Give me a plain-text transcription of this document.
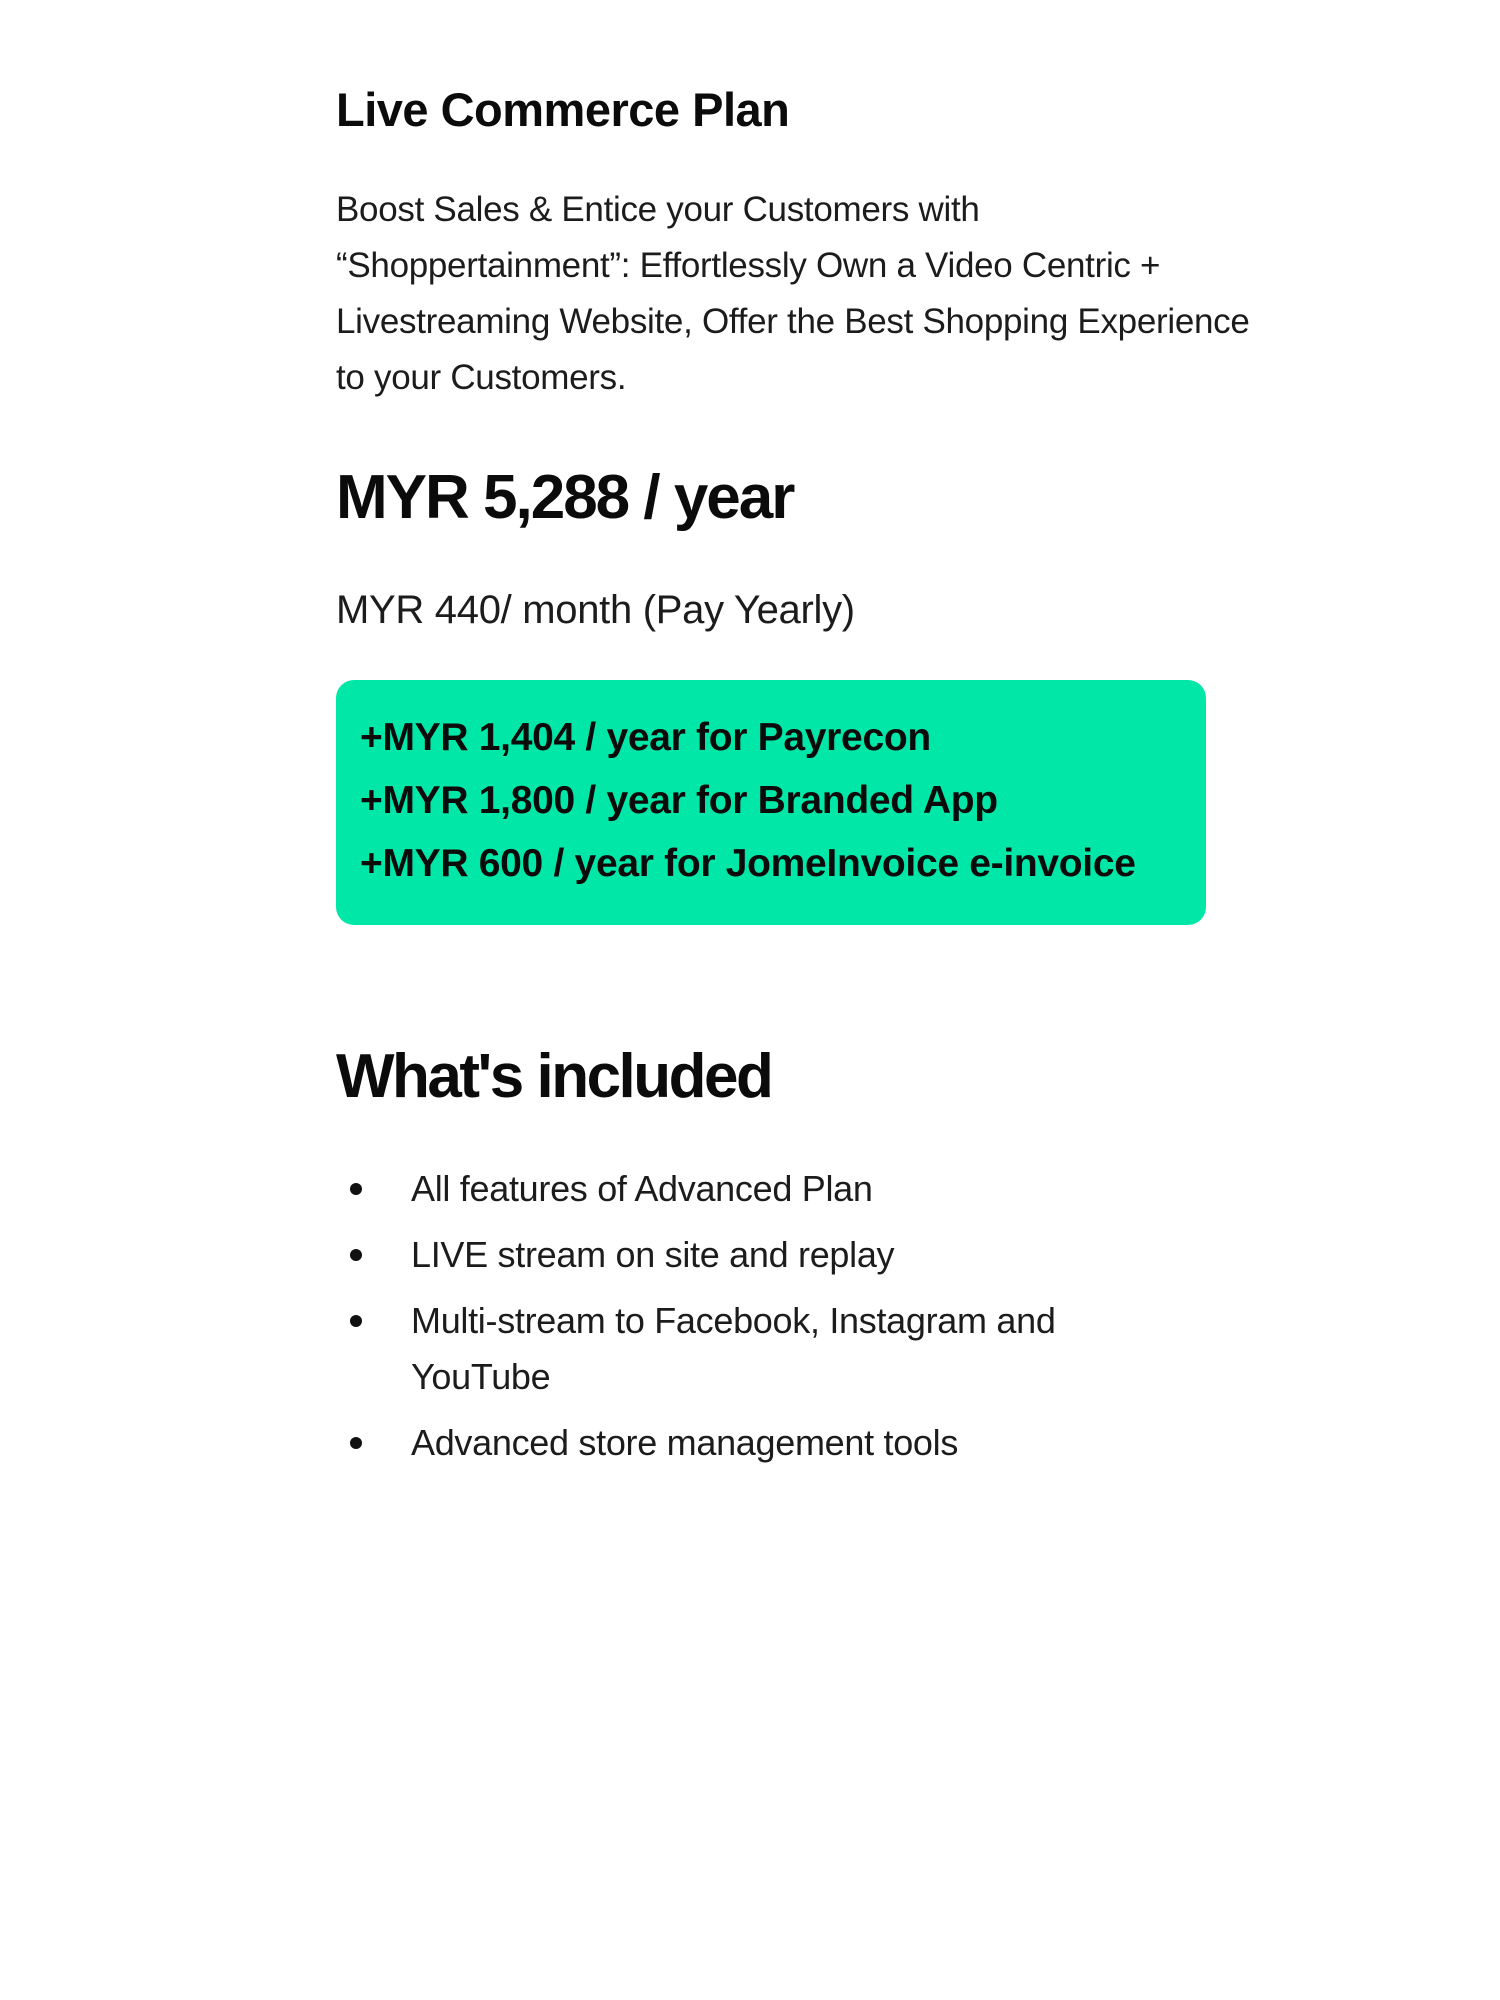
Live Commerce Plan

Boost Sales & Entice your Customers with “Shoppertainment”: Effortlessly Own a Video Centric + Livestreaming Website, Offer the Best Shopping Experience to your Customers.

MYR 5,288 / year
MYR 440/ month (Pay Yearly)
+MYR 1,404 / year for Payrecon
+MYR 1,800 / year for Branded App
+MYR 600 / year for JomeInvoice e-invoice
What's included
All features of Advanced Plan
LIVE stream on site and replay
Multi-stream to Facebook, Instagram and YouTube
Advanced store management tools
